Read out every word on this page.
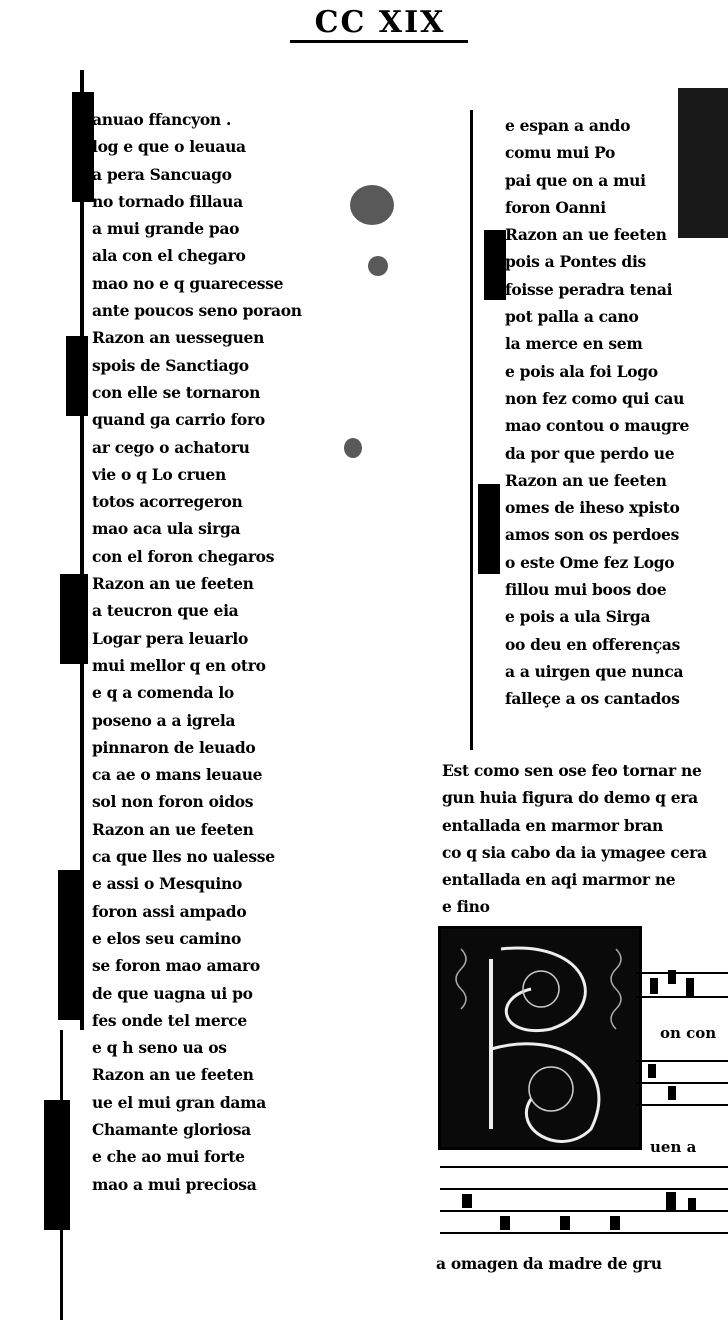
CC XIX
anuao ffancyon .
log e que o leuaua
a pera Sancuago
no tornado fillaua
a mui grande pao
ala con el chegaro
mao no e q guarecesse
ante poucos seno poraon
Razon an uesseguen
spois de Sanctiago
con elle se tornaron
quand ga carrio foro
ar cego o achatoru
vie o q Lo cruen
totos acorregeron
mao aca ula sirga
con el foron chegaros
Razon an ue feeten
a teucron que eia
Logar pera leuarlo
mui mellor q en otro
e q a comenda lo
poseno a a igrela
pinnaron de leuado
ca ae o mans leuaue
sol non foron oidos
Razon an ue feeten
ca que lles no ualesse
e assi o Mesquino
foron assi ampado
e elos seu camino
se foron mao amaro
de que uagna ui po
fes onde tel merce
e q h seno ua os
Razon an ue feeten
ue el mui gran dama
Chamante gloriosa
e che ao mui forte
mao a mui preciosa
e espan a ando
comu mui Po
pai que on a mui
foron Oanni
Razon an ue feeten
pois a Pontes dis
foisse peradra tenai
pot palla a cano
la merce en sem
e pois ala foi Logo
non fez como qui cau
mao contou o maugre
da por que perdo ue
Razon an ue feeten
omes de iheso xpisto
amos son os perdoes
o este Ome fez Logo
fillou mui boos doe
e pois a ula Sirga
oo deu en offerenças
a a uirgen que nunca
falleçe a os cantados
Est como sen ose feo tornar ne
gun huia figura do demo q era
entallada en marmor bran
co q sia cabo da ia ymagee cera
entallada en aqi marmor ne
e fino
on con
uen a
a omagen da madre de gru
